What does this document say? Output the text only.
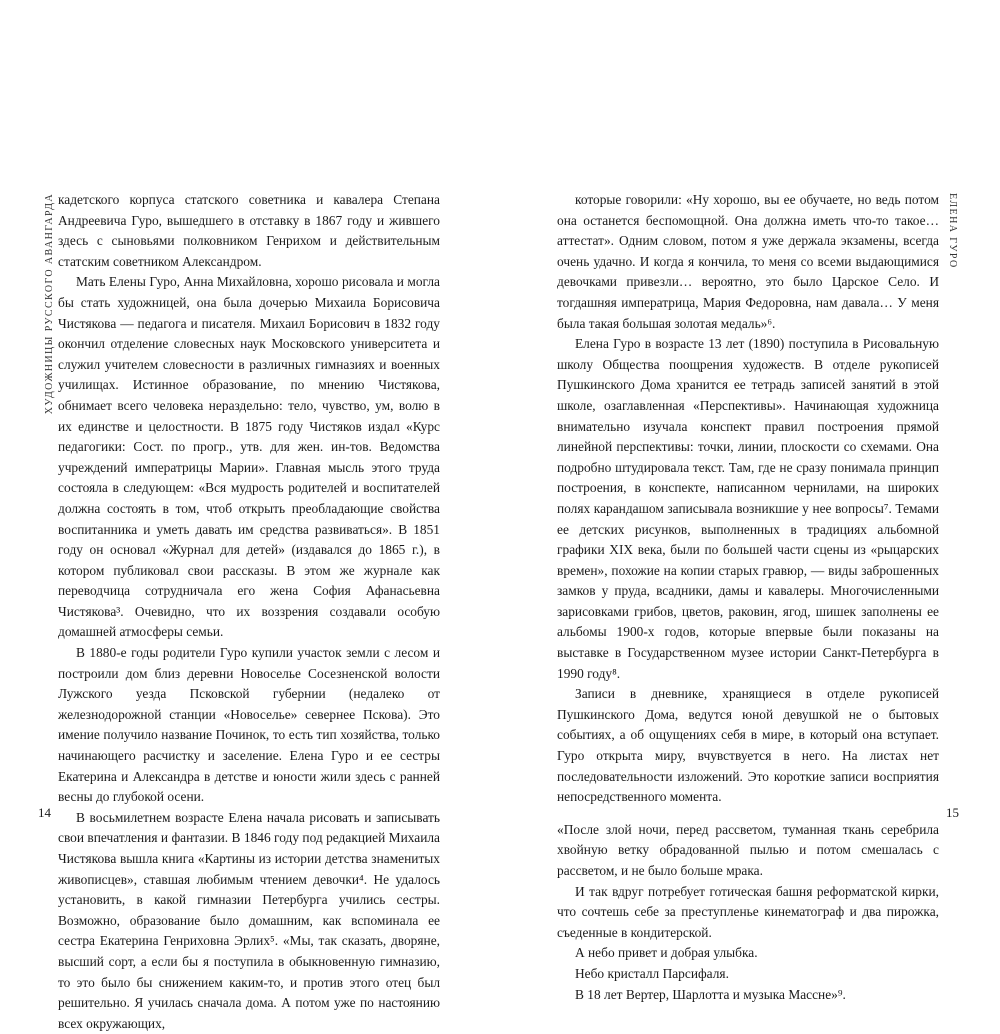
ХУДОЖНИЦЫ РУССКОГО АВАНГАРДА кадетского корпуса статского советника и кавалера Степана Андреевича Гуро, вышедшего в отставку в 1867 году и жившего здесь с сыновьями полковником Генрихом и действительным статским советником Александром.

Мать Елены Гуро, Анна Михайловна, хорошо рисовала и могла бы стать художницей, она была дочерью Михаила Борисовича Чистякова — педагога и писателя. Михаил Борисович в 1832 году окончил отделение словесных наук Московского университета и служил учителем словесности в различных гимназиях и военных училищах. Истинное образование, по мнению Чистякова, обнимает всего человека нераздельно: тело, чувство, ум, волю в их единстве и целостности. В 1875 году Чистяков издал «Курс педагогики: Сост. по прогр., утв. для жен. ин-тов. Ведомства учреждений императрицы Марии». Главная мысль этого труда состояла в следующем: «Вся мудрость родителей и воспитателей должна состоять в том, чтоб открыть преобладающие свойства воспитанника и уметь давать им средства развиваться». В 1851 году он основал «Журнал для детей» (издавался до 1865 г.), в котором публиковал свои рассказы. В этом же журнале как переводчица сотрудничала его жена София Афанасьевна Чистякова³. Очевидно, что их воззрения создавали особую домашней атмосферы семьи.

В 1880-е годы родители Гуро купили участок земли с лесом и построили дом близ деревни Новоселье Сосезненской волости Лужского уезда Псковской губернии (недалеко от железнодорожной станции «Новоселье» севернее Пскова). Это имение получило название Починок, то есть тип хозяйства, только начинающего расчистку и заселение. Елена Гуро и ее сестры Екатерина и Александра в детстве и юности жили здесь с ранней весны до глубокой осени.

В восьмилетнем возрасте Елена начала рисовать и записывать свои впечатления и фантазии. В 1846 году под редакцией Михаила Чистякова вышла книга «Картины из истории детства знаменитых живописцев», ставшая любимым чтением девочки⁴. Не удалось установить, в какой гимназии Петербурга учились сестры. Возможно, образование было домашним, как вспоминала ее сестра Екатерина Генриховна Эрлих⁵. «Мы, так сказать, дворяне, высший сорт, а если бы я поступила в обыкновенную гимназию, то это было бы снижением каким-то, и против этого отец был решительно. Я училась сначала дома. А потом уже по настоянию всех окружающих,

14
ЕЛЕНА ГУРО

которые говорили: «Ну хорошо, вы ее обучаете, но ведь потом она останется беспомощной. Она должна иметь что-то такое… аттестат». Одним словом, потом я уже держала экзамены, всегда очень удачно. И когда я кончила, то меня со всеми выдающимися девочками привезли… вероятно, это было Царское Село. И тогдашняя императрица, Мария Федоровна, нам давала… У меня была такая большая золотая медаль»⁶.

Елена Гуро в возрасте 13 лет (1890) поступила в Рисовальную школу Общества поощрения художеств. В отделе рукописей Пушкинского Дома хранится ее тетрадь записей занятий в этой школе, озаглавленная «Перспективы». Начинающая художница внимательно изучала конспект правил построения прямой линейной перспективы: точки, линии, плоскости со схемами. Она подробно штудировала текст. Там, где не сразу понимала принцип построения, в конспекте, написанном чернилами, на широких полях карандашом записывала возникшие у нее вопросы⁷. Темами ее детских рисунков, выполненных в традициях альбомной графики XIX века, были по большей части сцены из «рыцарских времен», похожие на копии старых гравюр, — виды заброшенных замков у пруда, всадники, дамы и кавалеры. Многочисленными зарисовками грибов, цветов, раковин, ягод, шишек заполнены ее альбомы 1900-х годов, которые впервые были показаны на выставке в Государственном музее истории Санкт-Петербурга в 1990 году⁸.

Записи в дневнике, хранящиеся в отделе рукописей Пушкинского Дома, ведутся юной девушкой не о бытовых событиях, а об ощущениях себя в мире, в который она вступает. Гуро открыта миру, вчувствуется в него. На листах нет последовательности изложений. Это короткие записи восприятия непосредственного момента.

«После злой ночи, перед рассветом, туманная ткань серебрила хвойную ветку обрадованной пылью и потом смешалась с рассветом, и не было больше мрака.

И так вдруг потребует готическая башня реформатской кирки, что сочтешь себе за преступленье кинематограф и два пирожка, съеденные в кондитерской.

А небо привет и добрая улыбка.

Небо кристалл Парсифаля.

В 18 лет Вертер, Шарлотта и музыка Массне»⁹.

15
